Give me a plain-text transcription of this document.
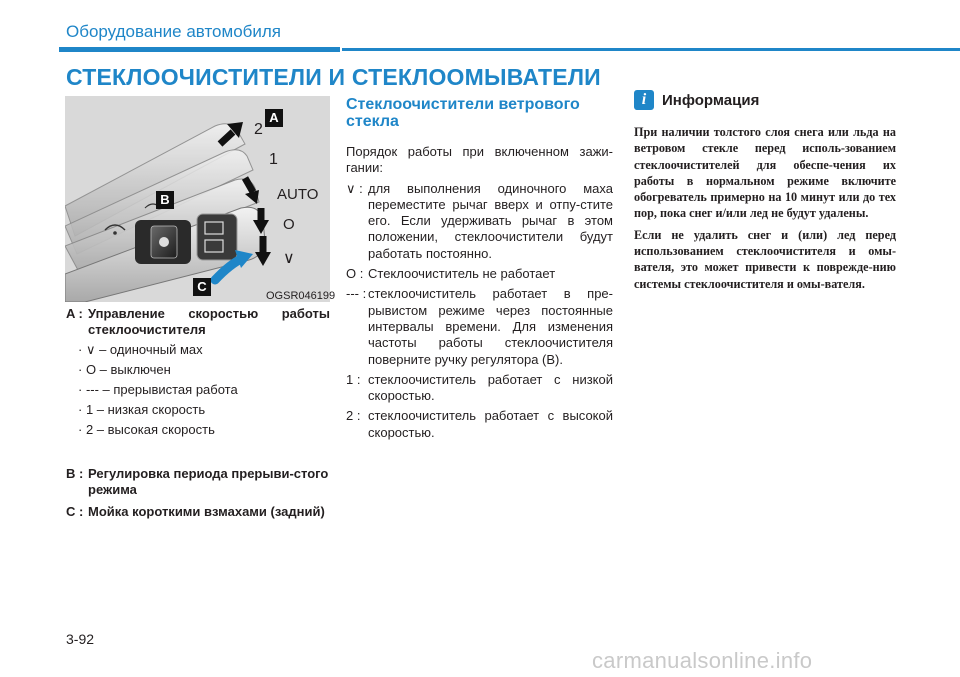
Оборудование автомобиля
СТЕКЛООЧИСТИТЕЛИ И СТЕКЛООМЫВАТЕЛИ
A
B
C
2
1
AUTO
O
∨
OGSR046199
A : Управление скоростью работы стеклоочистителя
· ∨ – одиночный мах
· O – выключен
· --- – прерывистая работа
· 1 – низкая скорость
· 2 – высокая скорость
B : Регулировка периода прерыви-стого режима
C : Мойка короткими взмахами (задний)
Стеклоочистители ветрового стекла

Порядок работы при включенном зажи-гании:

∨ : для выполнения одиночного маха переместите рычаг вверх и отпу-стите его. Если удерживать рычаг в этом положении, стеклоочистители будут работать постоянно.
O : Стеклоочиститель не работает
--- : стеклоочиститель работает в пре-рывистом режиме через постоянные интервалы времени. Для изменения частоты работы стеклоочистителя поверните ручку регулятора (B).
1 : стеклоочиститель работает с низкой скоростью.
2 : стеклоочиститель работает с высокой скоростью.
i	Информация

При наличии толстого слоя снега или льда на ветровом стекле перед исполь-зованием стеклоочистителей для обеспе-чения их работы в нормальном режиме включите обогреватель примерно на 10 минут или до тех пор, пока снег и/или лед не будут удалены.

Если не удалить снег и (или) лед перед использованием стеклоочистителя и омы-вателя, это может привести к поврежде-нию системы стеклоочистителя и омы-вателя.

3-92
carmanualsonline.info
